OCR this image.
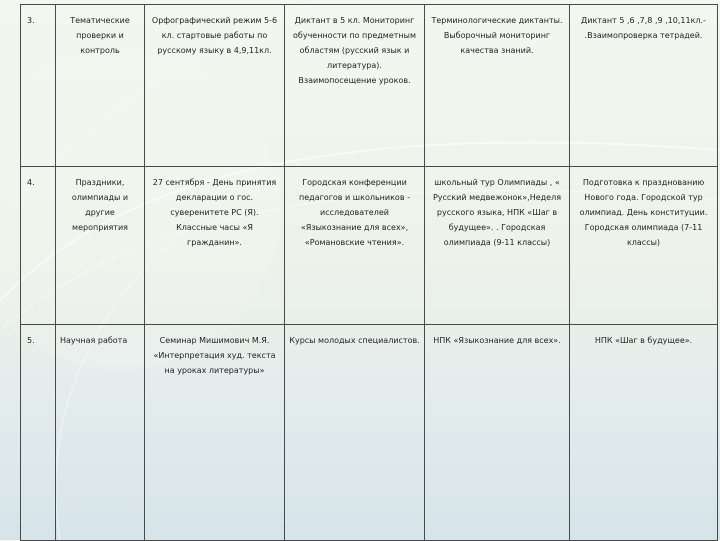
3.	Тематические проверки и контроль	Орфографический режим 5-6 кл. стартовые работы по русскому языку в 4,9,11кл.	Диктант в 5 кл. Мониторинг обученности по предметным областям (русский язык и литература). Взаимопосещение уроков.	Терминологические диктанты. Выборочный мониторинг качества знаний.	Диктант 5 ,6 ,7,8 ,9 ,10,11кл.- .Взаимопроверка тетрадей.
4.	Праздники, олимпиады и другие мероприятия	27 сентября - День принятия декларации о гос. суверенитете РС (Я). Классные часы «Я гражданин».	Городская конференции педагогов и школьников - исследователей «Языкознание для всех», «Романовские чтения».	школьный тур Олимпиады , « Русский медвежонок»,Неделя русского языка, НПК «Шаг в будущее». . Городская олимпиада (9-11 классы)	Подготовка к празднованию Нового года. Городской тур олимпиад. День конституции. Городская олимпиада (7-11 классы)
5.	Научная работа	Семинар Мишимович М.Я. «Интерпретация худ. текста на уроках литературы»	Курсы молодых специалистов.	НПК «Языкознание для всех».	НПК «Шаг в будущее».
